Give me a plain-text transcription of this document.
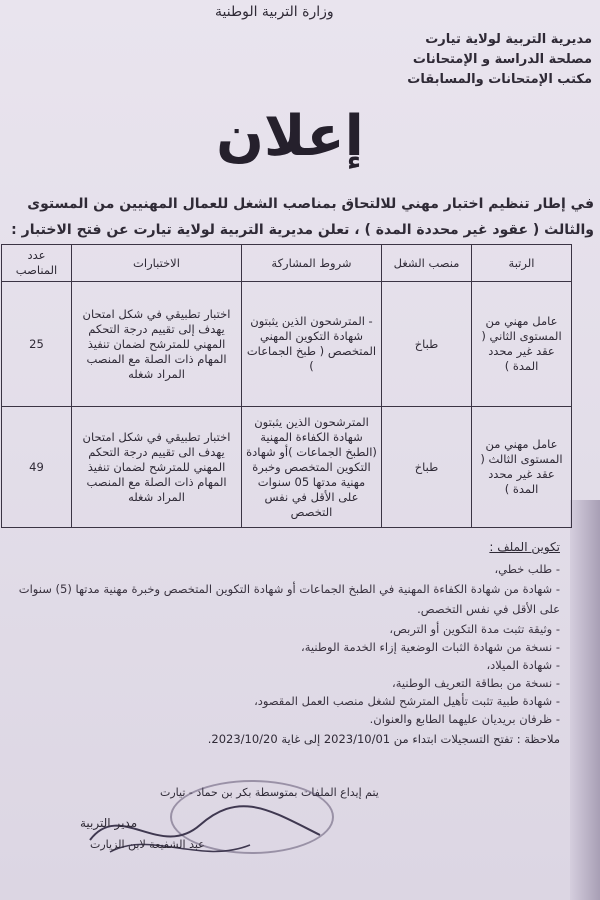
وزارة التربية الوطنية
مديرية التربية لولاية تيارت
مصلحة الدراسة و الإمتحانات
مكتب الإمتحانات والمسابقات
إعلان
في إطار تنظيم اختبار مهني للالتحاق بمناصب الشغل للعمال المهنيين من المستوى
والثالث ( عقود غير محددة المدة ) ، تعلن مديرية التربية لولاية تيارت عن فتح الاختبار :
الرتبة	منصب الشغل	شروط المشاركة	الاختبارات	عدد المناصب
عامل مهني من المستوى الثاني ( عقد غير محدد المدة )	طباخ	- المترشحون الذين يثبتون شهادة التكوين المهني المتخصص ( طبخ الجماعات )	اختبار تطبيقي في شكل امتحان يهدف إلى تقييم درجة التحكم المهني للمترشح لضمان تنفيذ المهام ذات الصلة مع المنصب المراد شغله	25
عامل مهني من المستوى الثالث ( عقد غير محدد المدة )	طباخ	المترشحون الذين يثبتون شهادة الكفاءة المهنية (الطبخ الجماعات )أو شهادة التكوين المتخصص وخبرة مهنية مدتها 05 سنوات على الأقل في نفس التخصص	اختبار تطبيقي في شكل امتحان يهدف الى تقييم درجة التحكم المهني للمترشح لضمان تنفيذ المهام ذات الصلة مع المنصب المراد شغله	49
تكوين الملف :
- طلب خطي،
- شهادة من شهادة الكفاءة المهنية في الطبخ الجماعات أو شهادة التكوين المتخصص وخبرة مهنية مدتها (5) سنوات
على الأقل في نفس التخصص.
- وثيقة تثبت مدة التكوين أو التربص،
- نسخة من شهادة الثبات الوضعية إزاء الخدمة الوطنية،
- شهادة الميلاد،
- نسخة من بطاقة التعريف الوطنية،
- شهادة طبية تثبت تأهيل المترشح لشغل منصب العمل المقصود،
- ظرفان بريديان عليهما الطابع والعنوان.
ملاحظة : تفتح التسجيلات ابتداء من 2023/10/01 إلى غاية 2023/10/20.
يتم إيداع الملفات بمتوسطة بكر بن حماد - تيارت
مدير التربية
عبد الشفيعة لابن الزيارت
